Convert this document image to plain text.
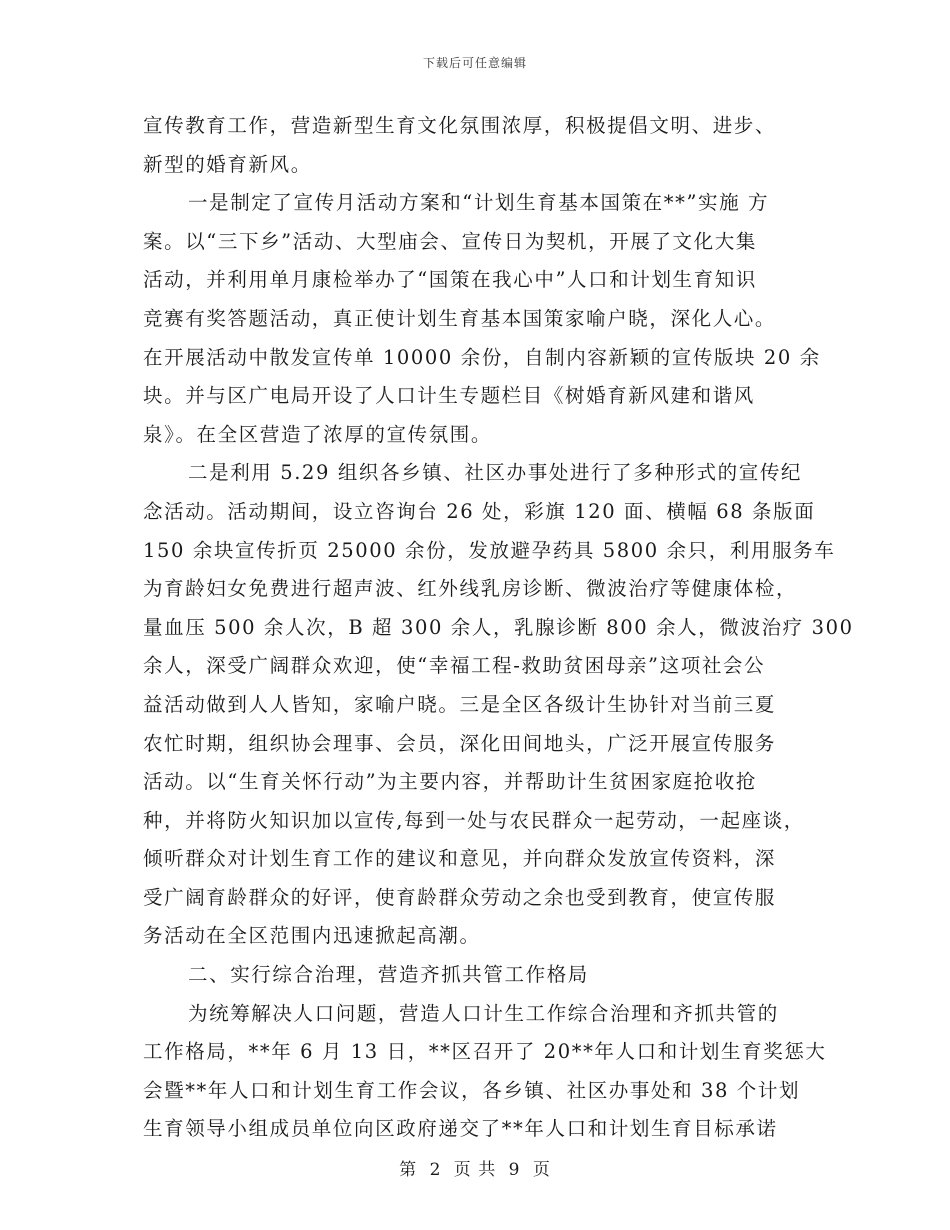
下载后可任意编辑
宣传教育工作，营造新型生育文化氛围浓厚，积极提倡文明、进步、
新型的婚育新风。
一是制定了宣传月活动方案和“计划生育基本国策在**”实施 方
案。以“三下乡”活动、大型庙会、宣传日为契机，开展了文化大集
活动，并利用单月康检举办了“国策在我心中”人口和计划生育知识
竞赛有奖答题活动，真正使计划生育基本国策家喻户晓，深化人心。
在开展活动中散发宣传单 10000 余份，自制内容新颖的宣传版块 20 余
块。并与区广电局开设了人口计生专题栏目《树婚育新风建和谐风
泉》。在全区营造了浓厚的宣传氛围。
二是利用 5.29 组织各乡镇、社区办事处进行了多种形式的宣传纪
念活动。活动期间，设立咨询台 26 处，彩旗 120 面、横幅 68 条版面
150 余块宣传折页 25000 余份，发放避孕药具 5800 余只，利用服务车
为育龄妇女免费进行超声波、红外线乳房诊断、微波治疗等健康体检，
量血压 500 余人次，B 超 300 余人，乳腺诊断 800 余人，微波治疗 300
余人，深受广阔群众欢迎，使“幸福工程-救助贫困母亲”这项社会公
益活动做到人人皆知，家喻户晓。三是全区各级计生协针对当前三夏
农忙时期，组织协会理事、会员，深化田间地头，广泛开展宣传服务
活动。以“生育关怀行动”为主要内容，并帮助计生贫困家庭抢收抢
种，并将防火知识加以宣传,每到一处与农民群众一起劳动，一起座谈，
倾听群众对计划生育工作的建议和意见，并向群众发放宣传资料，深
受广阔育龄群众的好评，使育龄群众劳动之余也受到教育，使宣传服
务活动在全区范围内迅速掀起高潮。
二、实行综合治理，营造齐抓共管工作格局
为统筹解决人口问题，营造人口计生工作综合治理和齐抓共管的
工作格局，**年 6 月 13 日，**区召开了 20**年人口和计划生育奖惩大
会暨**年人口和计划生育工作会议，各乡镇、社区办事处和 38 个计划
生育领导小组成员单位向区政府递交了**年人口和计划生育目标承诺
第 2 页 共 9 页
